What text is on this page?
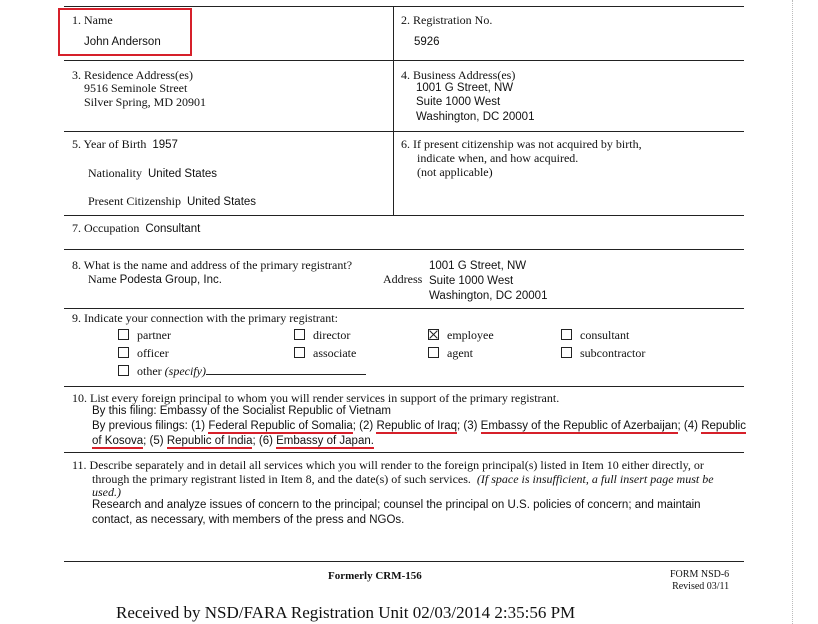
1. Name
John Anderson
2. Registration No.
5926
3. Residence Address(es)
9516 Seminole Street
Silver Spring, MD 20901
4. Business Address(es)
1001 G Street, NW
Suite 1000 West
Washington, DC 20001
5. Year of Birth 1957
Nationality United States
Present Citizenship United States
6. If present citizenship was not acquired by birth,
indicate when, and how acquired.
(not applicable)
7. Occupation Consultant
8. What is the name and address of the primary registrant?
Name Podesta Group, Inc.	Address
1001 G Street, NW
Suite 1000 West
Washington, DC 20001
9. Indicate your connection with the primary registrant:
partner	director	employee	consultant
officer	associate	agent	subcontractor
other (specify)
10. List every foreign principal to whom you will render services in support of the primary registrant.
By this filing: Embassy of the Socialist Republic of Vietnam
By previous filings: (1) Federal Republic of Somalia; (2) Republic of Iraq; (3) Embassy of the Republic of Azerbaijan; (4) Republic
of Kosova; (5) Republic of India; (6) Embassy of Japan.
11. Describe separately and in detail all services which you will render to the foreign principal(s) listed in Item 10 either directly, or
through the primary registrant listed in Item 8, and the date(s) of such services. (If space is insufficient, a full insert page must be
used.)
Research and analyze issues of concern to the principal; counsel the principal on U.S. policies of concern; and maintain
contact, as necessary, with members of the press and NGOs.
Formerly CRM-156	FORM NSD-6
Revised 03/11
Received by NSD/FARA Registration Unit 02/03/2014 2:35:56 PM
